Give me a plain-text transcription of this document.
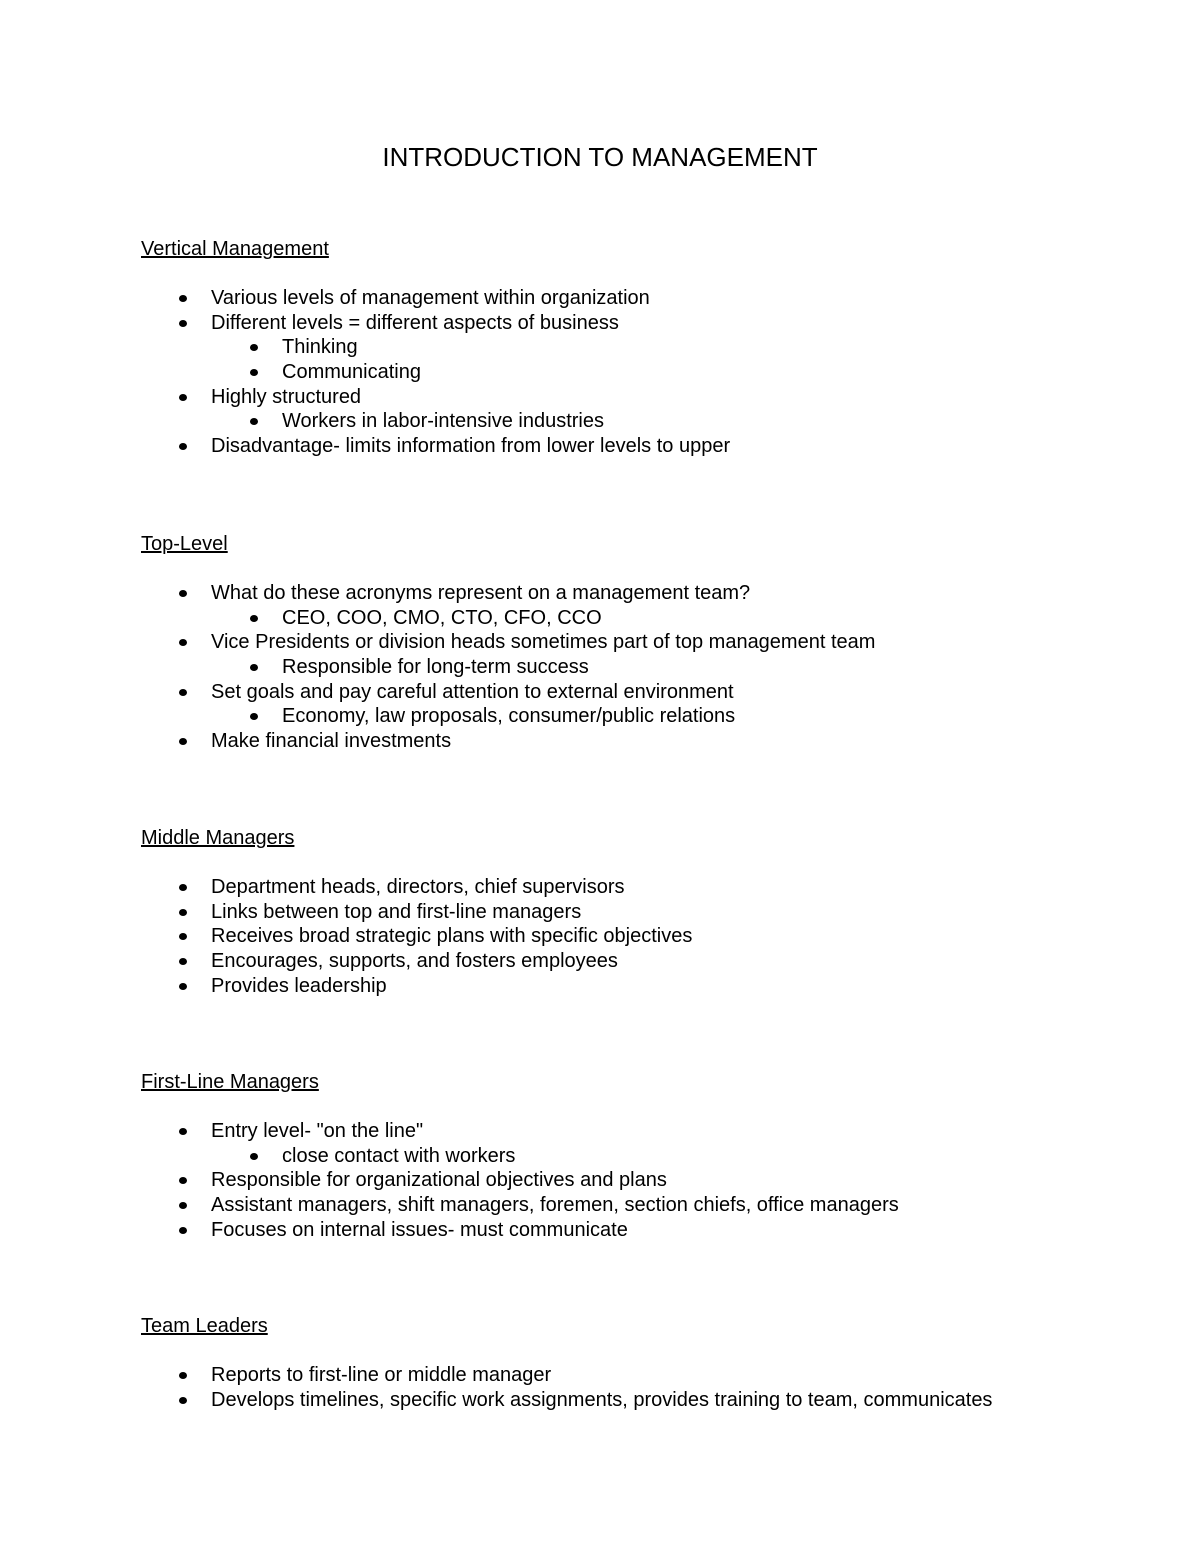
INTRODUCTION TO MANAGEMENT
Vertical Management
Various levels of management within organization
Different levels = different aspects of business
Thinking
Communicating
Highly structured
Workers in labor-intensive industries
Disadvantage- limits information from lower levels to upper
Top-Level
What do these acronyms represent on a management team?
CEO, COO, CMO, CTO, CFO, CCO
Vice Presidents or division heads sometimes part of top management team
Responsible for long-term success
Set goals and pay careful attention to external environment
Economy, law proposals, consumer/public relations
Make financial investments
Middle Managers
Department heads, directors, chief supervisors
Links between top and first-line managers
Receives broad strategic plans with specific objectives
Encourages, supports, and fosters employees
Provides leadership
First-Line Managers
Entry level- "on the line"
close contact with workers
Responsible for organizational objectives and plans
Assistant managers, shift managers, foremen, section chiefs, office managers
Focuses on internal issues- must communicate
Team Leaders
Reports to first-line or middle manager
Develops timelines, specific work assignments, provides training to team, communicates
